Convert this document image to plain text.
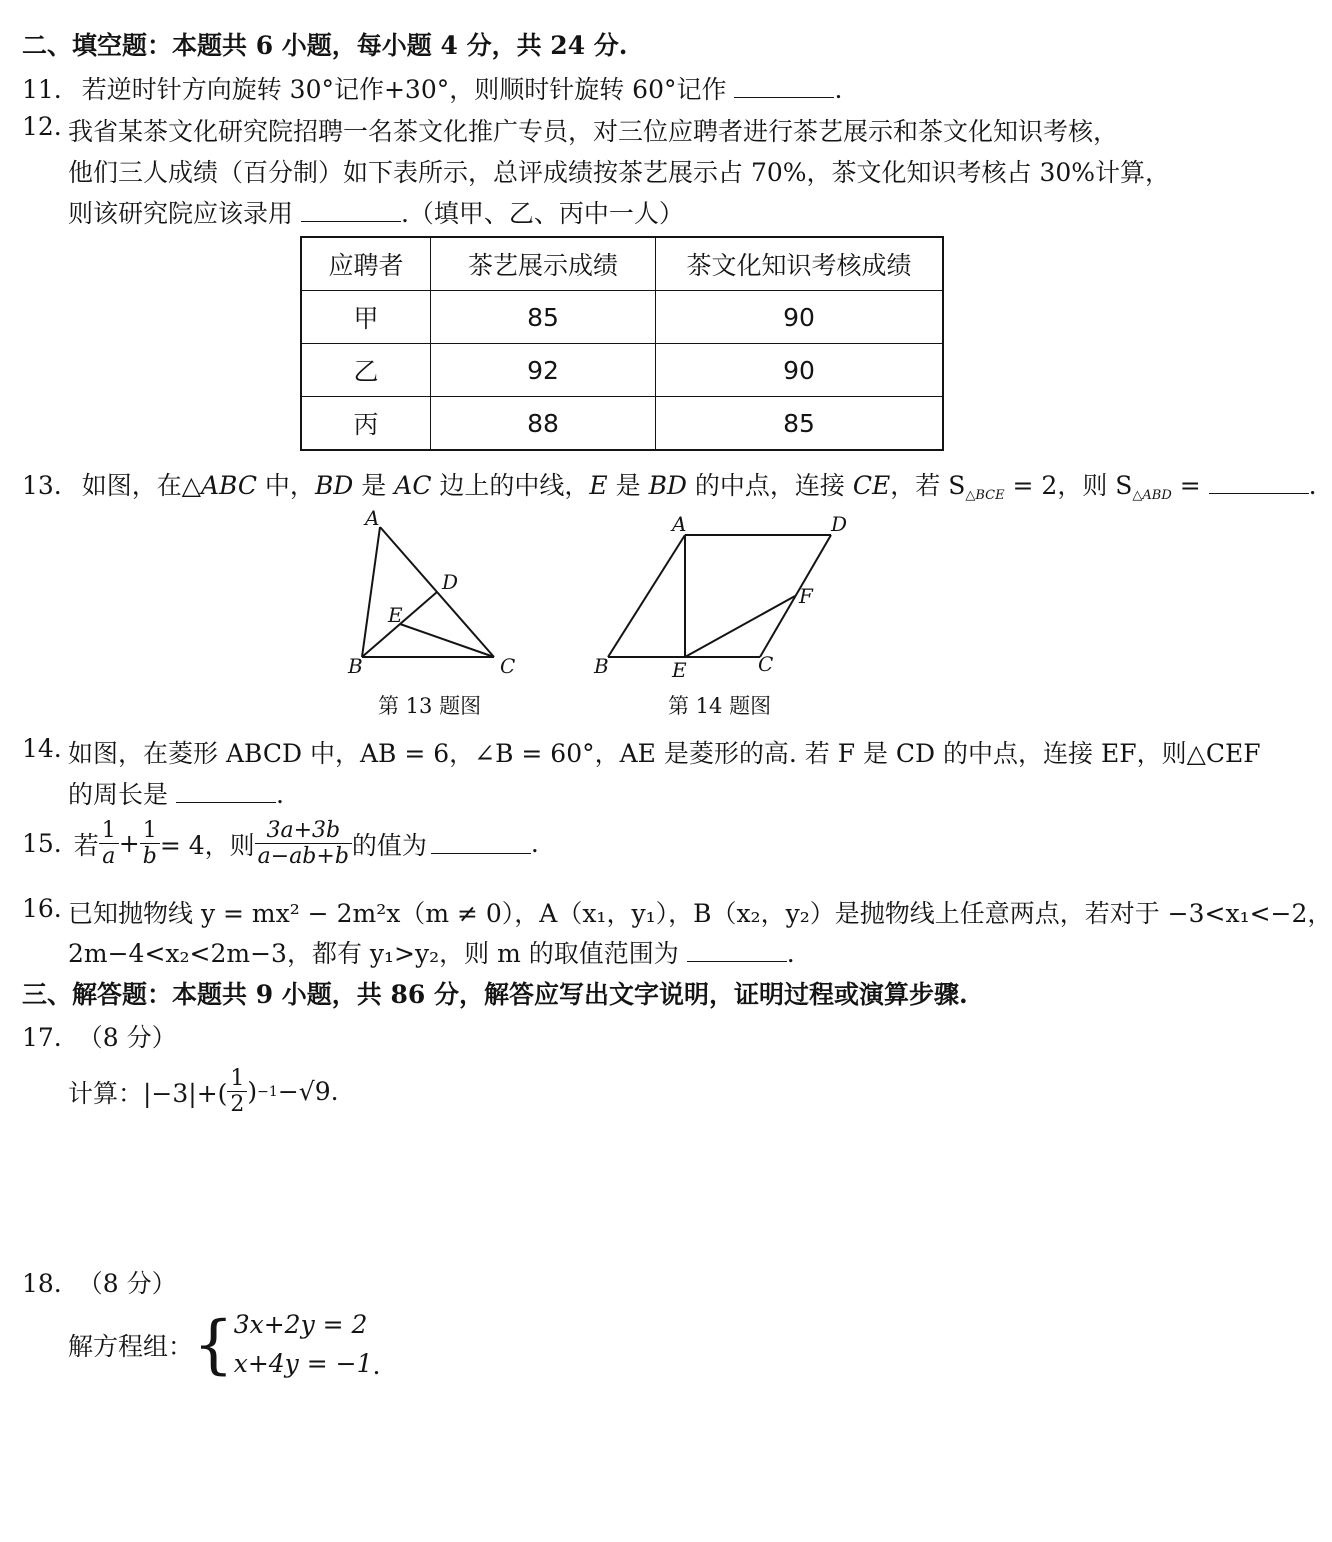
二、填空题：本题共 6 小题，每小题 4 分，共 24 分.
11. 若逆时针方向旋转 30°记作+30°，则顺时针旋转 60°记作	.
12. 我省某茶文化研究院招聘一名茶文化推广专员，对三位应聘者进行茶艺展示和茶文化知识考核，
他们三人成绩（百分制）如下表所示，总评成绩按茶艺展示占 70%，茶文化知识考核占 30%计算，
则该研究院应该录用	.（填甲、乙、丙中一人）
应聘者	茶艺展示成绩	茶文化知识考核成绩
甲	85	90
乙	92	90
丙	88	85
13. 如图，在△ABC 中，BD 是 AC 边上的中线，E 是 BD 的中点，连接 CE，若 $S_{\triangle BCE} = 2$，则 $S_{\triangle ABD}$ =	.
A
B	C
D
E
第 13 题图
A
B	C
D
E
F
第 14 题图
14. 如图，在菱形 ABCD 中，AB = 6，∠B = 60°，AE 是菱形的高. 若 F 是 CD 的中点，连接 EF，则△CEF
的周长是	.
15. 若 $\frac{1}{a} + \frac{1}{b} = 4$，则 $\frac{3a+3b}{a-ab+b}$ 的值为	.
16. 已知抛物线 y = mx² − 2m²x（m ≠ 0），A（x₁，y₁），B（x₂，y₂）是抛物线上任意两点，若对于 −3<x₁<−2，
2m−4<x₂<2m−3，都有 y₁>y₂，则 m 的取值范围为	.
三、解答题：本题共 9 小题，共 86 分，解答应写出文字说明，证明过程或演算步骤.
17. （8 分）
计算：$|-3|+( \frac{1}{2}$ ) −1 −√9.
18. （8 分）
解方程组： { 3x+2y = 2
x+4y = −1 .
